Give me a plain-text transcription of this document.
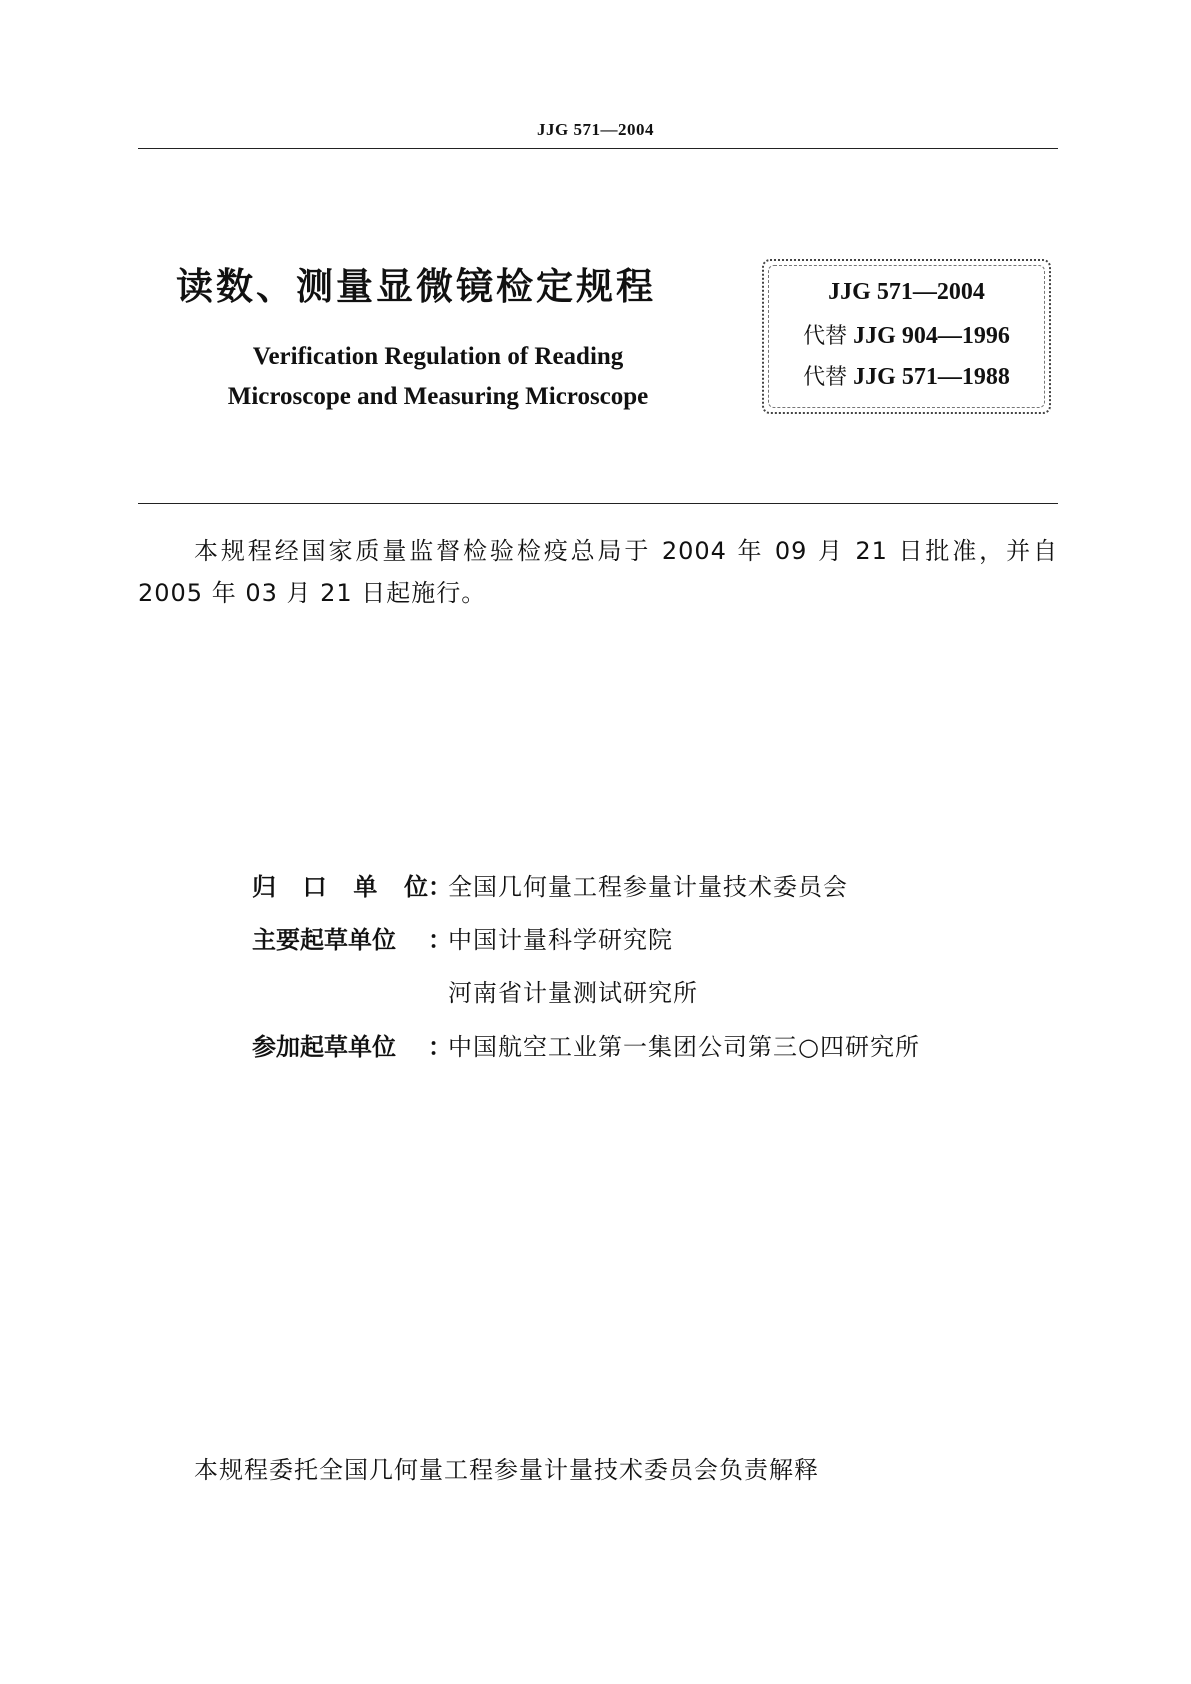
JJG 571—2004
读数、测量显微镜检定规程
Verification Regulation of Reading
Microscope and Measuring Microscope
JJG 571—2004
代替 JJG 904—1996
代替 JJG 571—1988
本规程经国家质量监督检验检疫总局于 2004 年 09 月 21 日批准，并自 2005 年 03 月 21 日起施行。
归 口 单 位 ：
全国几何量工程参量计量技术委员会
主要起草单位 ：
中国计量科学研究院
河南省计量测试研究所
参加起草单位 ：
中国航空工业第一集团公司第三○四研究所
本规程委托全国几何量工程参量计量技术委员会负责解释
